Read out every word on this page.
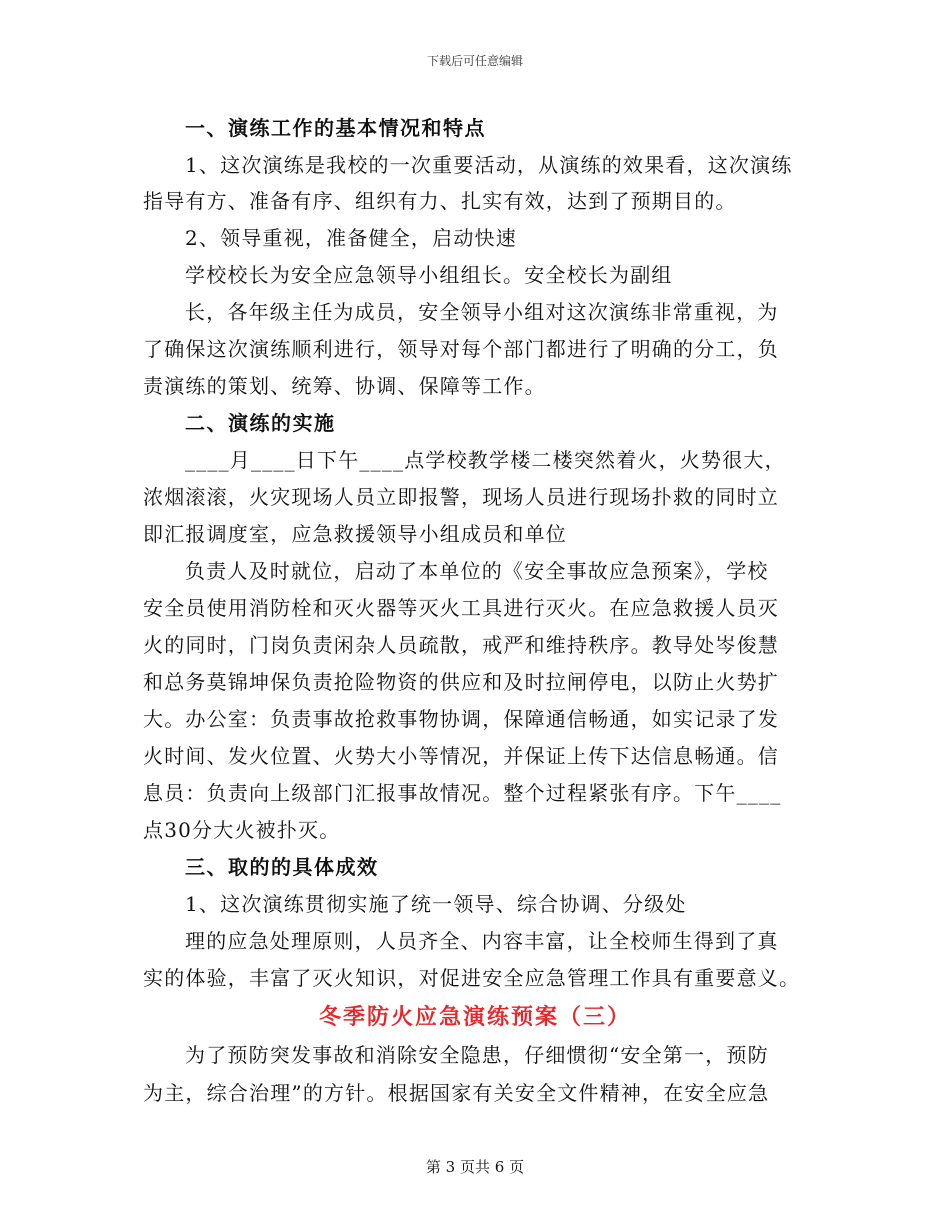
下载后可任意编辑
一、演练工作的基本情况和特点
1、这次演练是我校的一次重要活动，从演练的效果看，这次演练
指导有方、准备有序、组织有力、扎实有效，达到了预期目的。
2、领导重视，准备健全，启动快速
学校校长为安全应急领导小组组长。安全校长为副组
长，各年级主任为成员，安全领导小组对这次演练非常重视，为
了确保这次演练顺利进行，领导对每个部门都进行了明确的分工，负
责演练的策划、统筹、协调、保障等工作。
二、演练的实施
____月____日下午____点学校教学楼二楼突然着火，火势很大，
浓烟滚滚，火灾现场人员立即报警，现场人员进行现场扑救的同时立
即汇报调度室，应急救援领导小组成员和单位
负责人及时就位，启动了本单位的《安全事故应急预案》，学校
安全员使用消防栓和灭火器等灭火工具进行灭火。在应急救援人员灭
火的同时，门岗负责闲杂人员疏散，戒严和维持秩序。教导处岑俊慧
和总务莫锦坤保负责抢险物资的供应和及时拉闸停电，以防止火势扩
大。办公室：负责事故抢救事物协调，保障通信畅通，如实记录了发
火时间、发火位置、火势大小等情况，并保证上传下达信息畅通。信
息员：负责向上级部门汇报事故情况。整个过程紧张有序。下午____
点30分大火被扑灭。
三、取的的具体成效
1、这次演练贯彻实施了统一领导、综合协调、分级处
理的应急处理原则，人员齐全、内容丰富，让全校师生得到了真
实的体验，丰富了灭火知识，对促进安全应急管理工作具有重要意义。
冬季防火应急演练预案（三）
为了预防突发事故和消除安全隐患，仔细惯彻“安全第一，预防
为主，综合治理”的方针。根据国家有关安全文件精神，在安全应急
第 3 页共 6 页
